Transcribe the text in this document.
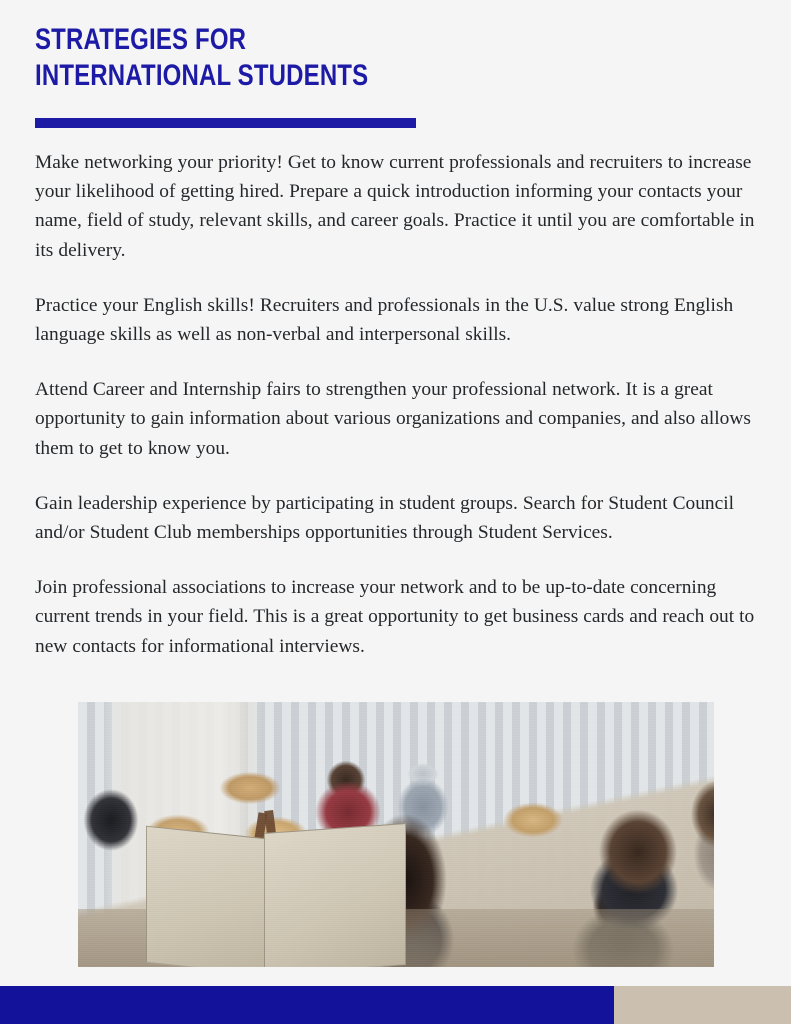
STRATEGIES FOR
INTERNATIONAL STUDENTS

Make networking your priority! Get to know current professionals and recruiters to increase your likelihood of getting hired. Prepare a quick introduction informing your contacts your name, field of study, relevant skills, and career goals. Practice it until you are comfortable in its delivery.

Practice your English skills! Recruiters and professionals in the U.S. value strong English language skills as well as non-verbal and interpersonal skills.

Attend Career and Internship fairs to strengthen your professional network. It is a great opportunity to gain information about various organizations and companies, and also allows them to get to know you.

Gain leadership experience by participating in student groups. Search for Student Council and/or Student Club memberships opportunities through Student Services.

Join professional associations to increase your network and to be up-to-date concerning current trends in your field. This is a great opportunity to get business cards and reach out to new contacts for informational interviews.
